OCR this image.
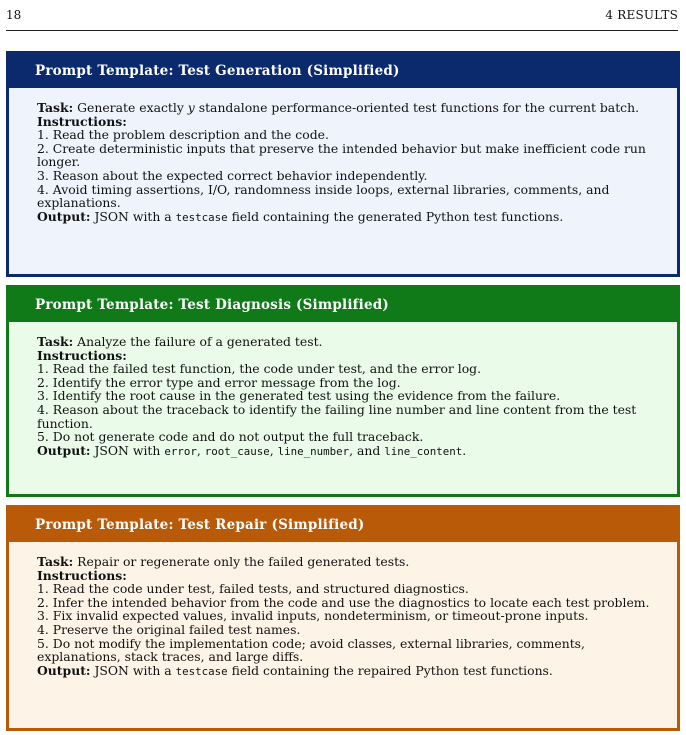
18	4 RESULTS
Prompt Template: Test Generation (Simplified)

Task: Generate exactly y standalone performance-oriented test functions for the current batch.

Instructions:

1. Read the problem description and the code.

2. Create deterministic inputs that preserve the intended behavior but make inefficient code run longer.

3. Reason about the expected correct behavior independently.

4. Avoid timing assertions, I/O, randomness inside loops, external libraries, comments, and explanations.

Output: JSON with a testcase field containing the generated Python test functions.

Prompt Template: Test Diagnosis (Simplified)

Task: Analyze the failure of a generated test.

Instructions:

1. Read the failed test function, the code under test, and the error log.

2. Identify the error type and error message from the log.

3. Identify the root cause in the generated test using the evidence from the failure.

4. Reason about the traceback to identify the failing line number and line content from the test function.

5. Do not generate code and do not output the full traceback.

Output: JSON with error, root_cause, line_number, and line_content.

Prompt Template: Test Repair (Simplified)

Task: Repair or regenerate only the failed generated tests.

Instructions:

1. Read the code under test, failed tests, and structured diagnostics.

2. Infer the intended behavior from the code and use the diagnostics to locate each test problem.

3. Fix invalid expected values, invalid inputs, nondeterminism, or timeout-prone inputs.

4. Preserve the original failed test names.

5. Do not modify the implementation code; avoid classes, external libraries, comments, explanations, stack traces, and large diffs.

Output: JSON with a testcase field containing the repaired Python test functions.
